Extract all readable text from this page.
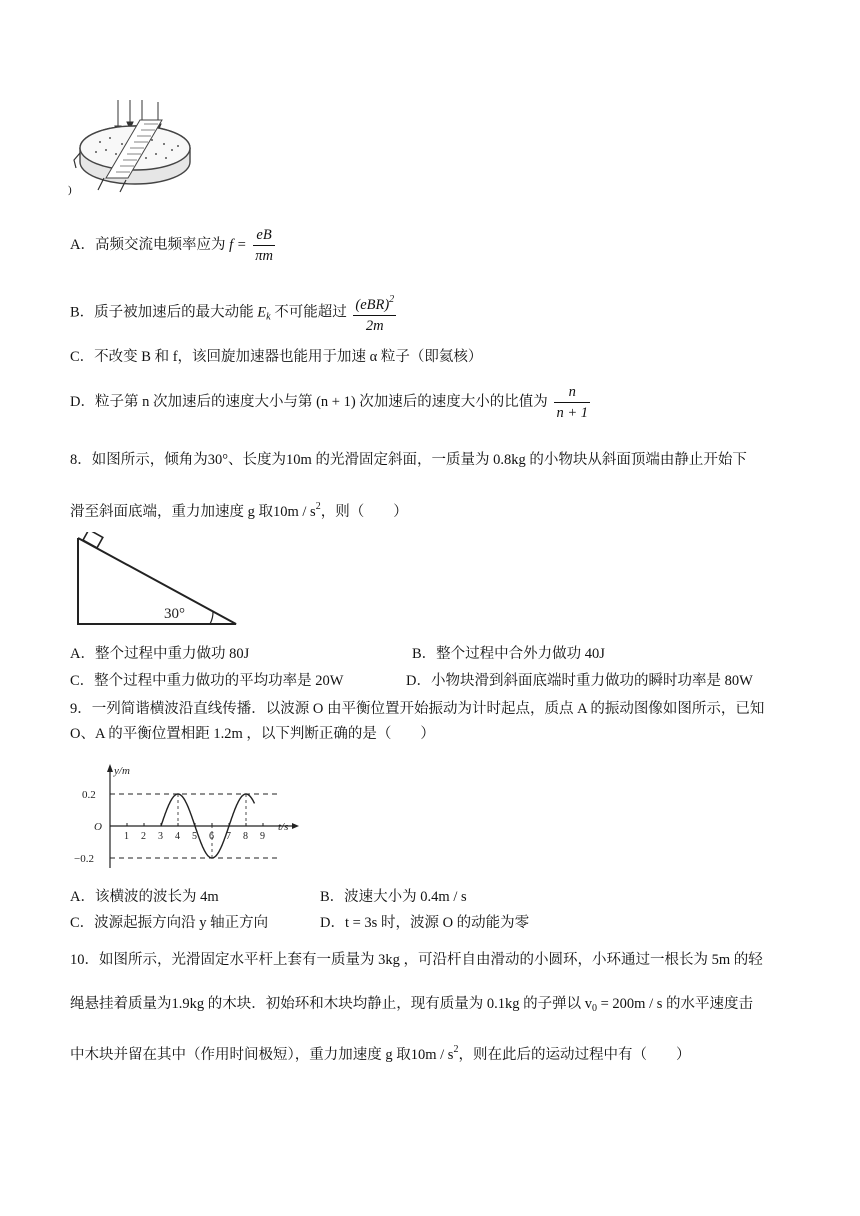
)
A．高频交流电频率应为 $f = \frac{eB}{\pi m}$
B．质子被加速后的最大动能 $E_k$ 不可能超过 $\frac{(eBR)^2}{2m}$
C．不改变 B 和 f，该回旋加速器也能用于加速 α 粒子（即氦核）
D．粒子第 n 次加速后的速度大小与第 (n + 1) 次加速后的速度大小的比值为 $\frac{n}{n + 1}$
8．如图所示，倾角为30°、长度为10m 的光滑固定斜面，一质量为 0.8kg 的小物块从斜面顶端由静止开始下
滑至斜面底端，重力加速度 g 取$10m / s^2$，则（　　）
30°
A．整个过程中重力做功 80J	B．整个过程中合外力做功 40J
C．整个过程中重力做功的平均功率是 20W	D．小物块滑到斜面底端时重力做功的瞬时功率是 80W
9．一列简谐横波沿直线传播．以波源 O 由平衡位置开始振动为计时起点，质点 A 的振动图像如图所示，已知
O、A 的平衡位置相距 1.2m ，以下判断正确的是（　　）
y/m
t/s
0.2
O
−0.2
1 2 3 4 5 6 7 8 9
A．该横波的波长为 4m	B．波速大小为 0.4m / s
C．波源起振方向沿 y 轴正方向	D．t = 3s 时，波源 O 的动能为零
10．如图所示，光滑固定水平杆上套有一质量为 3kg ，可沿杆自由滑动的小圆环，小环通过一根长为 5m 的轻
绳悬挂着质量为1.9kg 的木块．初始环和木块均静止，现有质量为 0.1kg 的子弹以 $v_0 = 200m / s$ 的水平速度击
中木块并留在其中（作用时间极短），重力加速度 g 取$10m / s^2$，则在此后的运动过程中有（　　）
